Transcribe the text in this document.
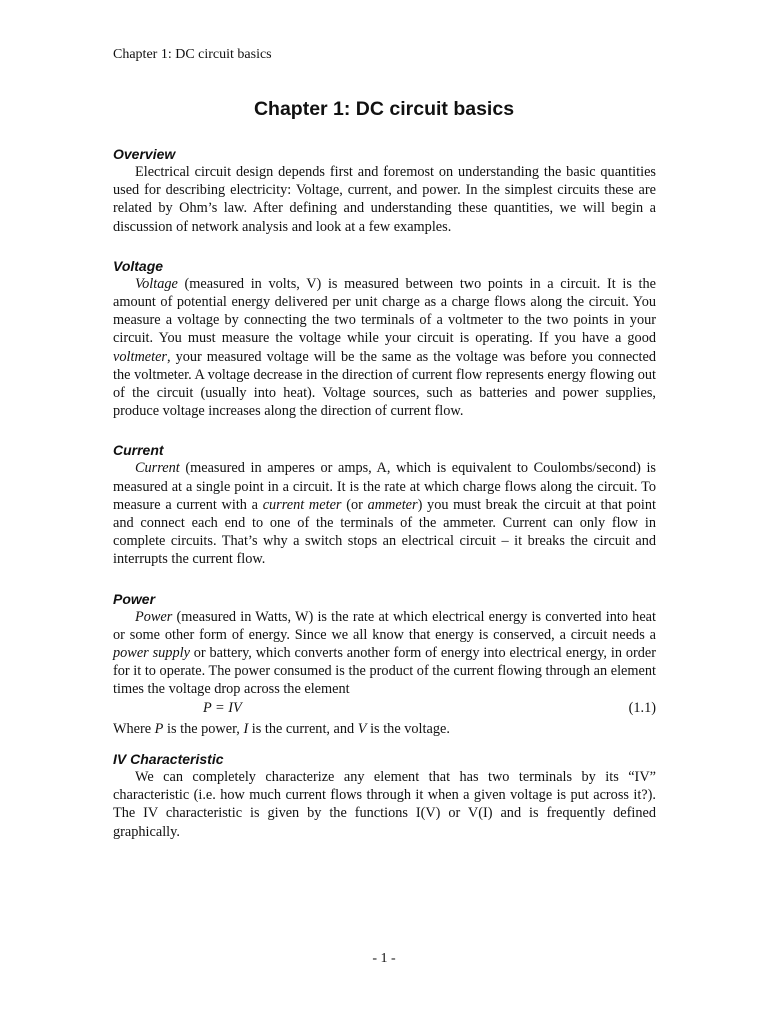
Chapter 1: DC circuit basics
Chapter 1: DC circuit basics
Overview

Electrical circuit design depends first and foremost on understanding the basic quantities used for describing electricity: Voltage, current, and power. In the simplest circuits these are related by Ohm’s law. After defining and understanding these quantities, we will begin a discussion of network analysis and look at a few examples.

Voltage

Voltage (measured in volts, V) is measured between two points in a circuit. It is the amount of potential energy delivered per unit charge as a charge flows along the circuit. You measure a voltage by connecting the two terminals of a voltmeter to the two points in your circuit. You must measure the voltage while your circuit is operating. If you have a good voltmeter, your measured voltage will be the same as the voltage was before you connected the voltmeter. A voltage decrease in the direction of current flow represents energy flowing out of the circuit (usually into heat). Voltage sources, such as batteries and power supplies, produce voltage increases along the direction of current flow.

Current

Current (measured in amperes or amps, A, which is equivalent to Coulombs/second) is measured at a single point in a circuit. It is the rate at which charge flows along the circuit. To measure a current with a current meter (or ammeter) you must break the circuit at that point and connect each end to one of the terminals of the ammeter. Current can only flow in complete circuits. That’s why a switch stops an electrical circuit – it breaks the circuit and interrupts the current flow.

Power

Power (measured in Watts, W) is the rate at which electrical energy is converted into heat or some other form of energy. Since we all know that energy is conserved, a circuit needs a power supply or battery, which converts another form of energy into electrical energy, in order for it to operate. The power consumed is the product of the current flowing through an element times the voltage drop across the element

P = IV	(1.1)

Where P is the power, I is the current, and V is the voltage.

IV Characteristic

We can completely characterize any element that has two terminals by its “IV” characteristic (i.e. how much current flows through it when a given voltage is put across it?). The IV characteristic is given by the functions I(V) or V(I) and is frequently defined graphically.

- 1 -
